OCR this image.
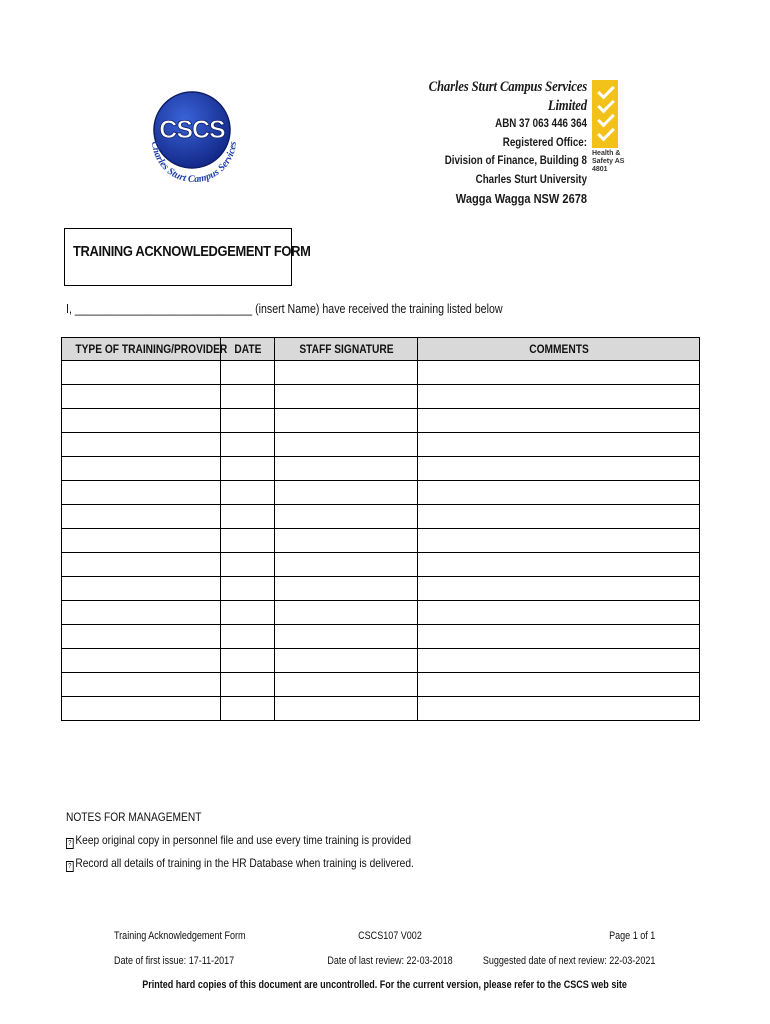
CSCS
Charles Sturt Campus Services
Charles Sturt Campus Services Limited
ABN 37 063 446 364
Registered Office:
Division of Finance, Building 8
Charles Sturt University
Wagga Wagga NSW 2678
Health & Safety AS 4801
TRAINING ACKNOWLEDGEMENT FORM
I, ______________________________ (insert Name) have received the training listed below
TYPE OF TRAINING/PROVIDER	DATE	STAFF SIGNATURE	COMMENTS

NOTES FOR MANAGEMENT
? Keep original copy in personnel file and use every time training is provided
? Record all details of training in the HR Database when training is delivered.
Training Acknowledgement Form	CSCS107 V002	Page 1 of 1
Date of first issue: 17-11-2017	Date of last review: 22-03-2018	Suggested date of next review: 22-03-2021
Printed hard copies of this document are uncontrolled. For the current version, please refer to the CSCS web site
